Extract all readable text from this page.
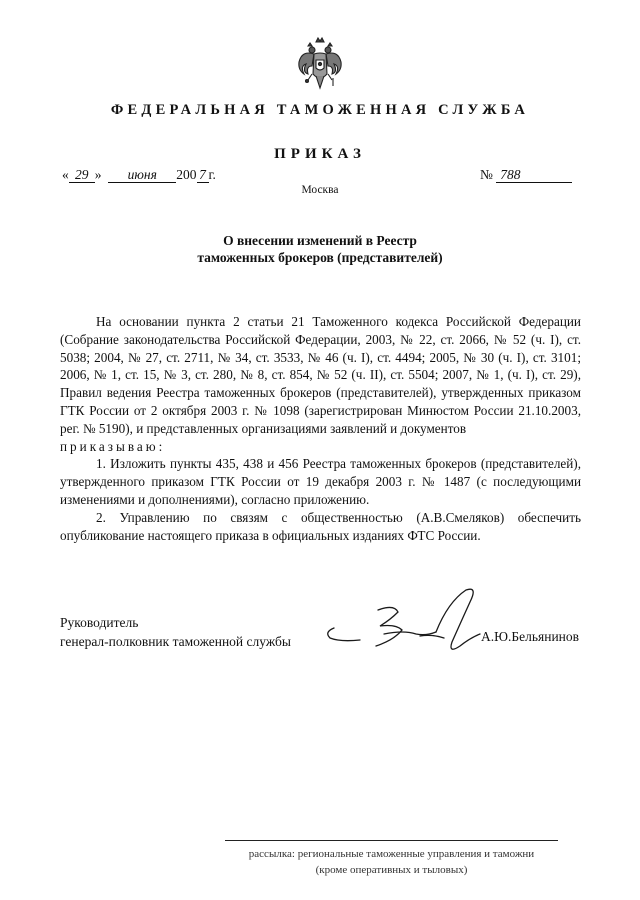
ФЕДЕРАЛЬНАЯ ТАМОЖЕННАЯ СЛУЖБА
ПРИКАЗ
« 29 » июня 200 7 г.	№ 788
Москва
О внесении изменений в Реестр
таможенных брокеров (представителей)

На основании пункта 2 статьи 21 Таможенного кодекса Российской Федерации (Собрание законодательства Российской Федерации, 2003, № 22, ст. 2066, № 52 (ч. I), ст. 5038; 2004, № 27, ст. 2711, № 34, ст. 3533, № 46 (ч. I), ст. 4494; 2005, № 30 (ч. I), ст. 3101; 2006, № 1, ст. 15, № 3, ст. 280, № 8, ст. 854, № 52 (ч. II), ст. 5504; 2007, № 1, (ч. I), ст. 29), Правил ведения Реестра таможенных брокеров (представителей), утвержденных приказом ГТК России от 2 октября 2003 г. № 1098 (зарегистрирован Минюстом России 21.10.2003, рег. № 5190), и представленных организациями заявлений и документов

приказываю:

1. Изложить пункты 435, 438 и 456 Реестра таможенных брокеров (представителей), утвержденного приказом ГТК России от 19 декабря 2003 г. № 1487 (с последующими изменениями и дополнениями), согласно приложению.

2. Управлению по связям с общественностью (А.В.Смеляков) обеспечить опубликование настоящего приказа в официальных изданиях ФТС России.

Руководитель
генерал-полковник таможенной службы	А.Ю.Бельянинов
рассылка: региональные таможенные управления и таможни
(кроме оперативных и тыловых)
